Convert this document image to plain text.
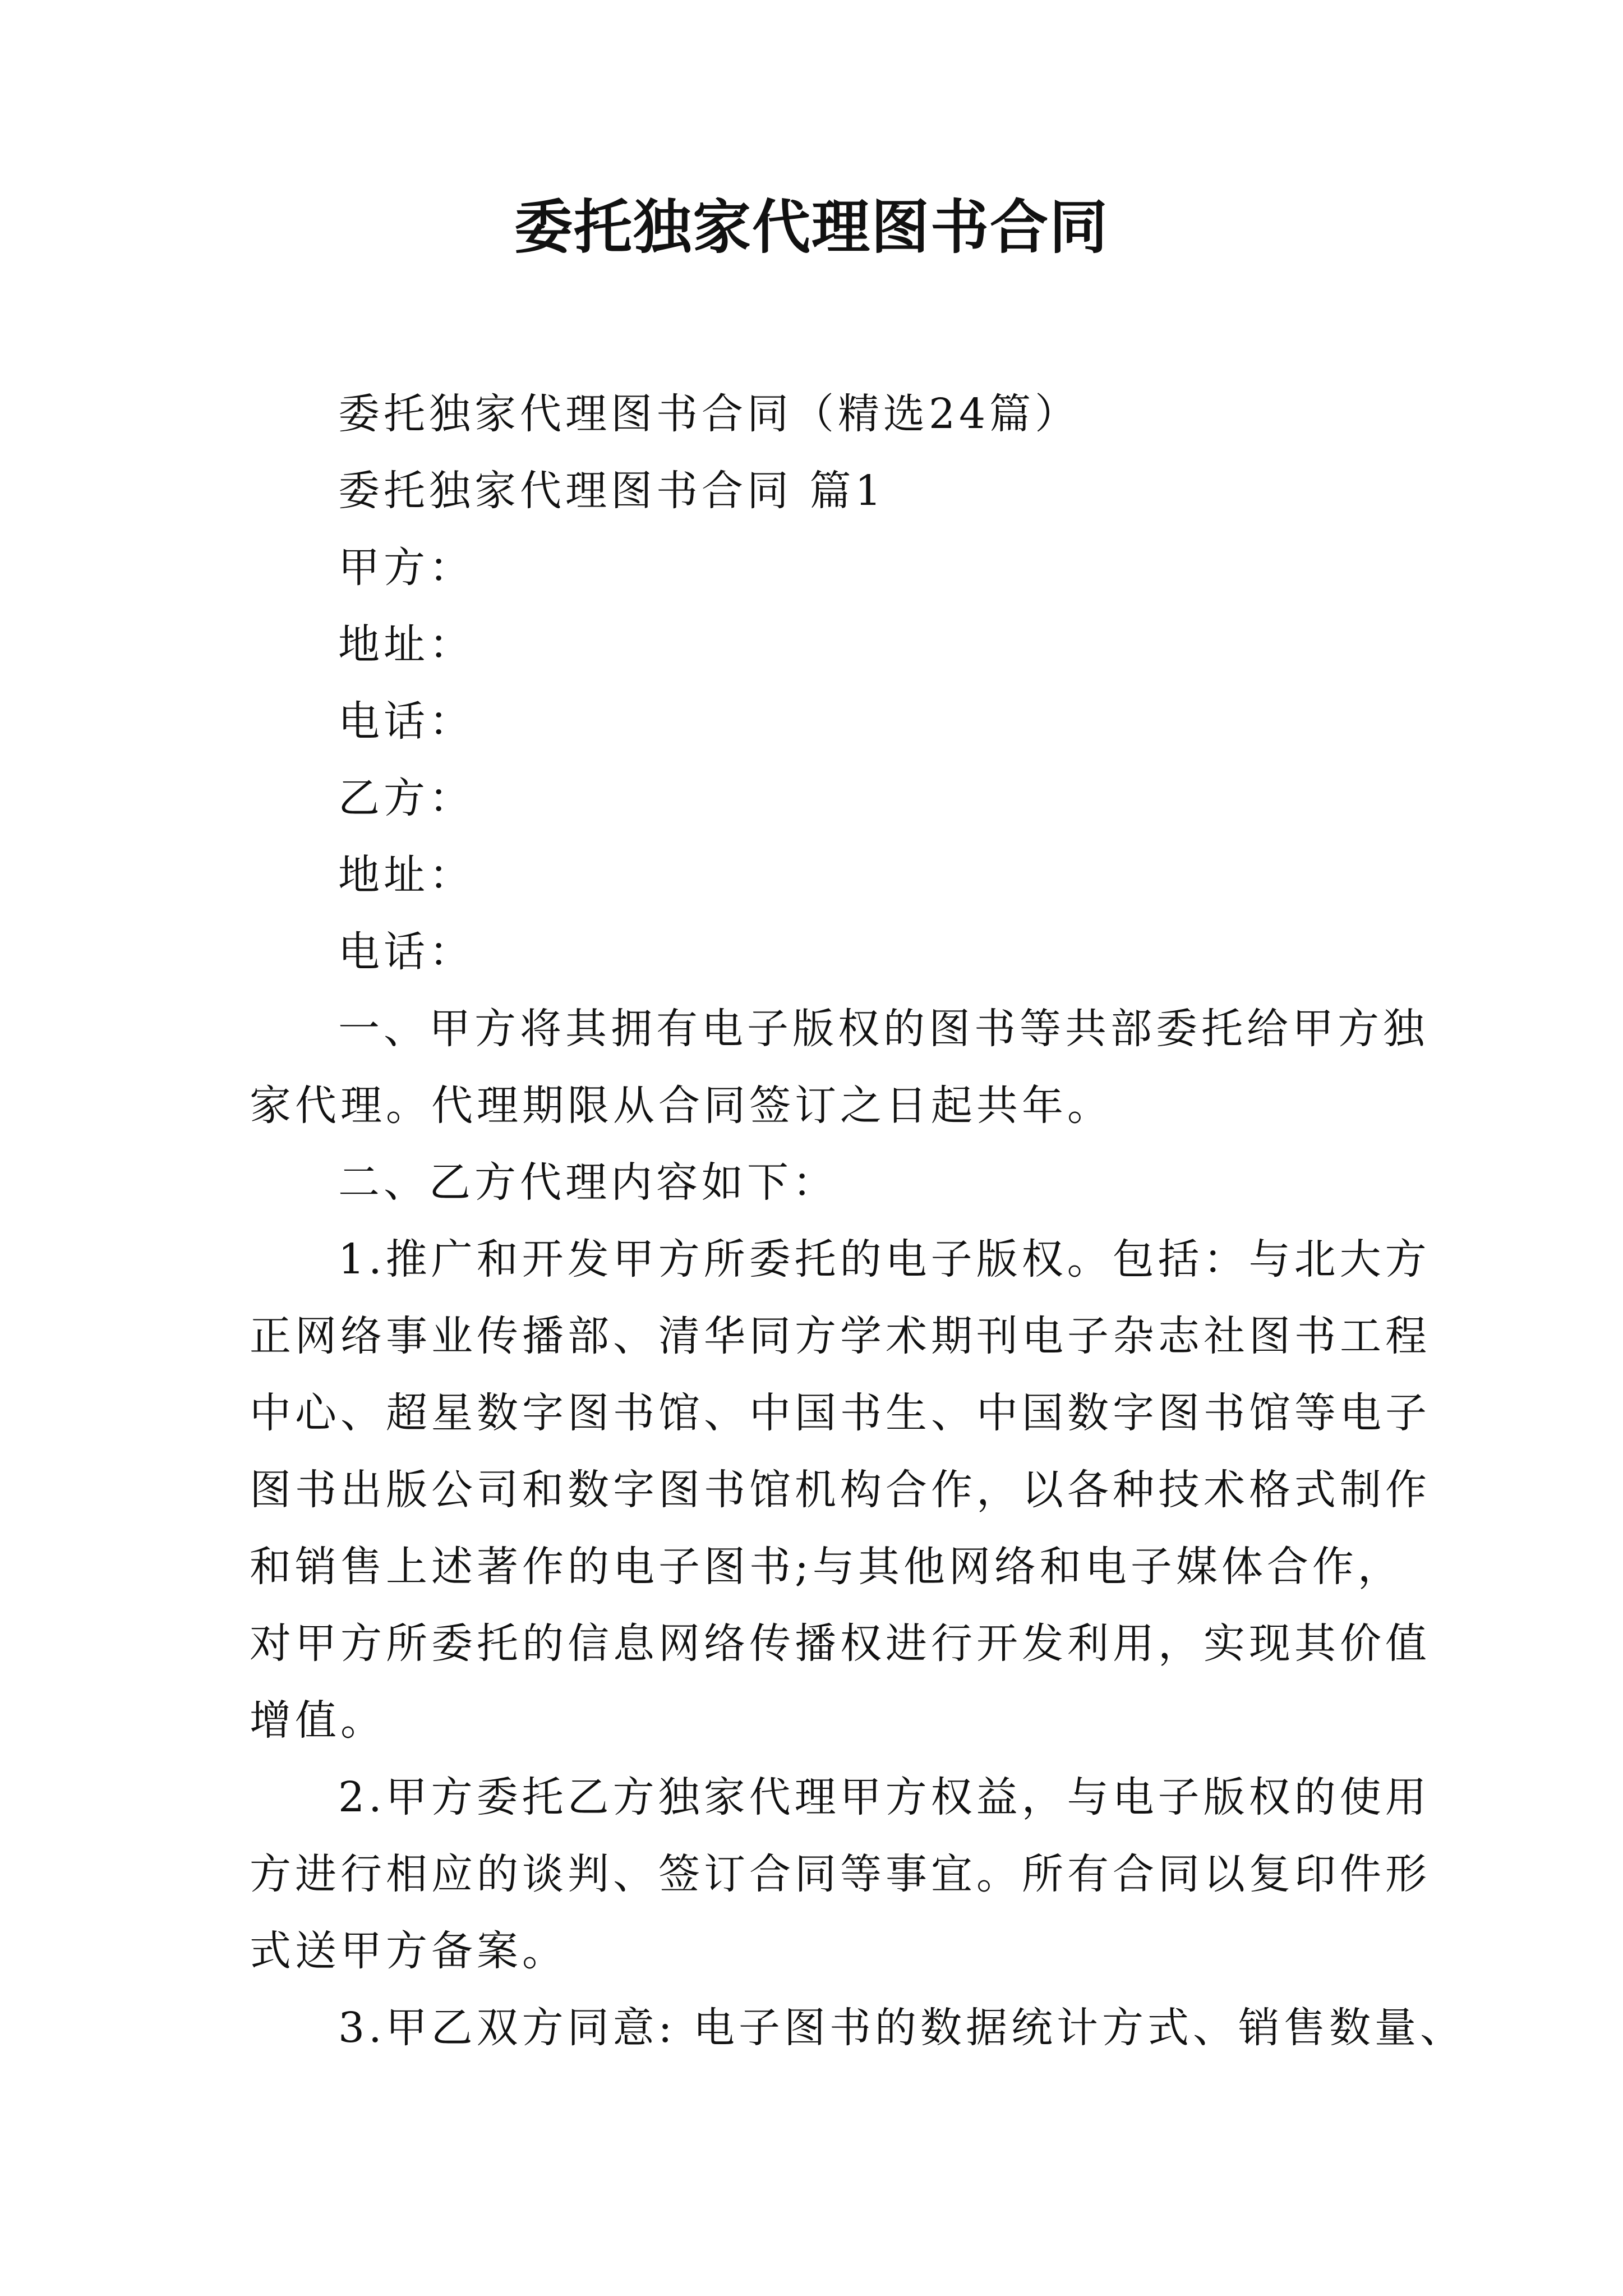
委托独家代理图书合同
委托独家代理图书合同（精选24篇）
委托独家代理图书合同 篇1
甲方：
地址：
电话：
乙方：
地址：
电话：
一、甲方将其拥有电子版权的图书等共部委托给甲方独
家代理。代理期限从合同签订之日起共年。
二、乙方代理内容如下：
1.推广和开发甲方所委托的电子版权。包括：与北大方
正网络事业传播部、清华同方学术期刊电子杂志社图书工程
中心、超星数字图书馆、中国书生、中国数字图书馆等电子
图书出版公司和数字图书馆机构合作，以各种技术格式制作
和销售上述著作的电子图书;与其他网络和电子媒体合作，
对甲方所委托的信息网络传播权进行开发利用，实现其价值
增值。
2.甲方委托乙方独家代理甲方权益，与电子版权的使用
方进行相应的谈判、签订合同等事宜。所有合同以复印件形
式送甲方备案。
3.甲乙双方同意: 电子图书的数据统计方式、销售数量、
